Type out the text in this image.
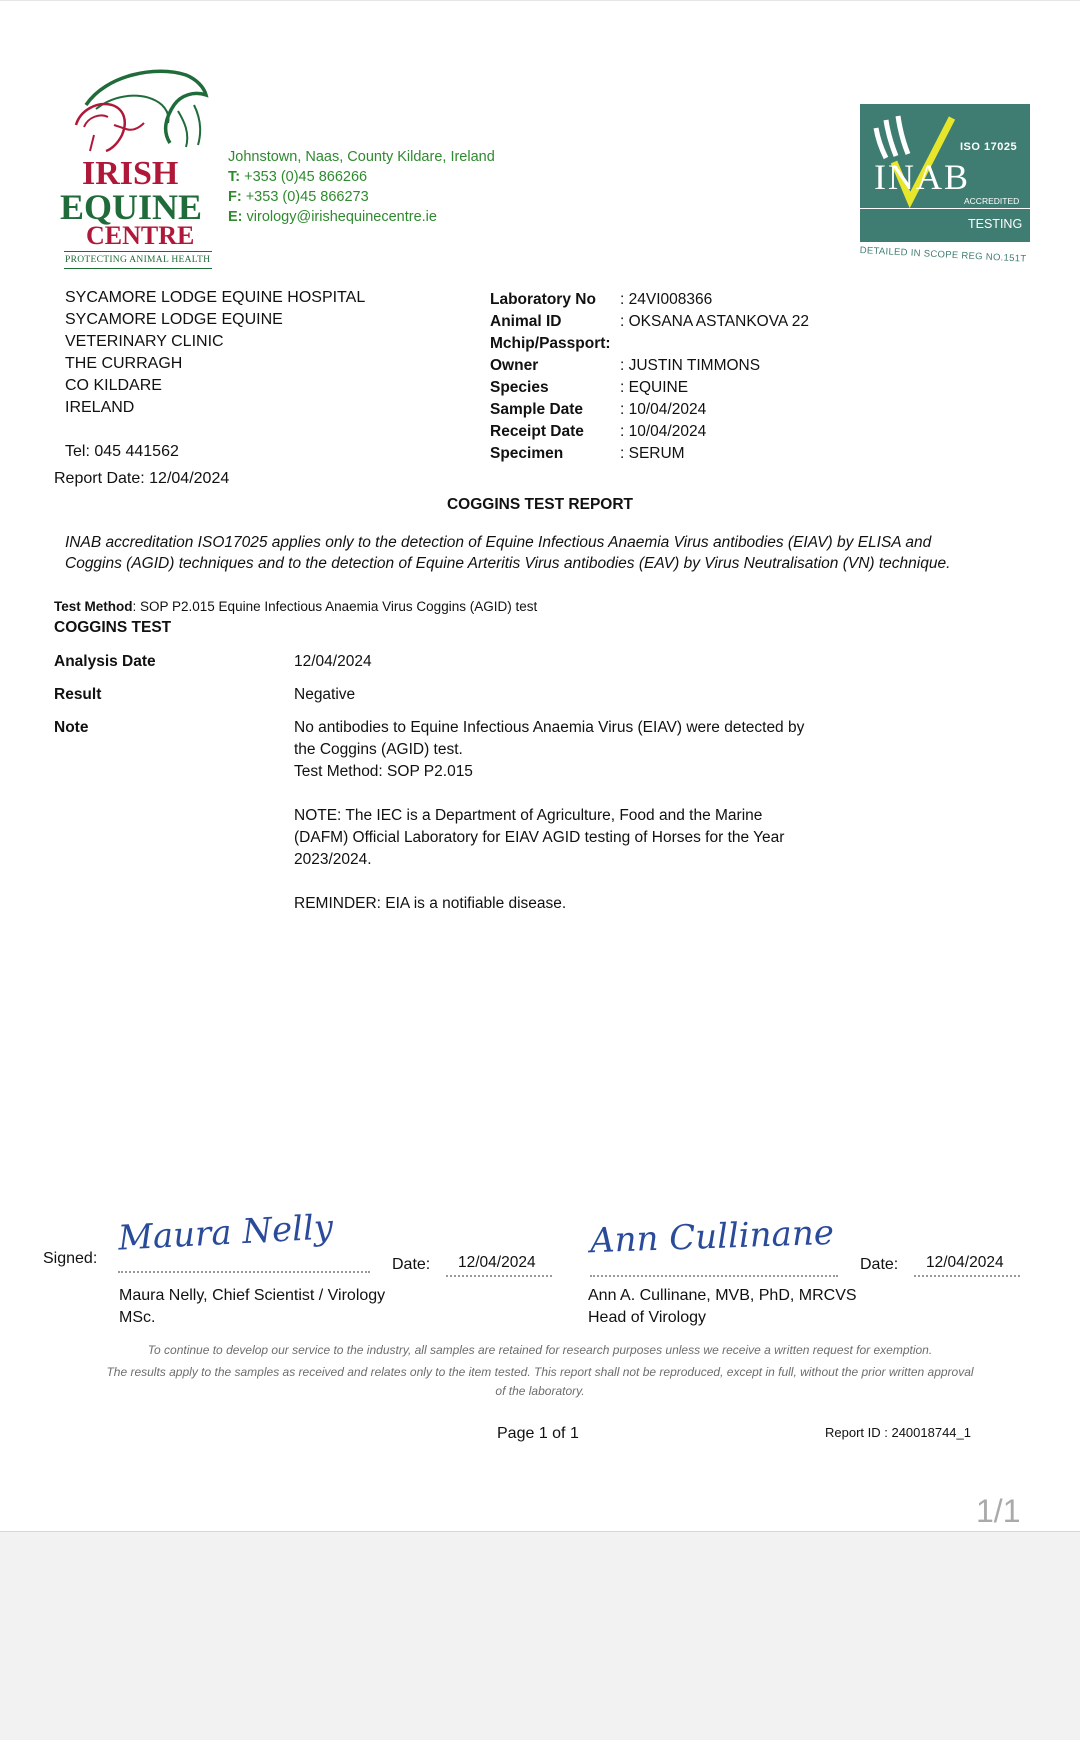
IRISH
EQUINE
CENTRE
PROTECTING ANIMAL HEALTH
Johnstown, Naas, County Kildare, Ireland
T: +353 (0)45 866266
F: +353 (0)45 866273
E: virology@irishequinecentre.ie
ISO 17025
INAB
ACCREDITED
TESTING
DETAILED IN SCOPE REG NO.151T
SYCAMORE LODGE EQUINE HOSPITAL
SYCAMORE LODGE EQUINE
VETERINARY CLINIC
THE CURRAGH
CO KILDARE
IRELAND
Tel: 045 441562
Laboratory No	: 24VI008366
Animal ID	: OKSANA ASTANKOVA 22
Mchip/Passport:
Owner	: JUSTIN TIMMONS
Species	: EQUINE
Sample Date	: 10/04/2024
Receipt Date	: 10/04/2024
Specimen	: SERUM
Report Date: 12/04/2024
COGGINS TEST REPORT
INAB accreditation ISO17025 applies only to the detection of Equine Infectious Anaemia Virus antibodies (EIAV) by ELISA and Coggins (AGID) techniques and to the detection of Equine Arteritis Virus antibodies (EAV) by Virus Neutralisation (VN) technique.
Test Method: SOP P2.015 Equine Infectious Anaemia Virus Coggins (AGID) test
COGGINS TEST
Analysis Date	12/04/2024
Result	Negative
Note	No antibodies to Equine Infectious Anaemia Virus (EIAV) were detected by
the Coggins (AGID) test.
Test Method: SOP P2.015
NOTE: The IEC is a Department of Agriculture, Food and the Marine
(DAFM) Official Laboratory for EIAV AGID testing of Horses for the Year
2023/2024.
REMINDER: EIA is a notifiable disease.
Signed: Maura Nelly
Date: 12/04/2024
Ann Cullinane
Date: 12/04/2024
Maura Nelly, Chief Scientist / Virology
MSc.
Ann A. Cullinane, MVB, PhD, MRCVS
Head of Virology
To continue to develop our service to the industry, all samples are retained for research purposes unless we receive a written request for exemption.
The results apply to the samples as received and relates only to the item tested. This report shall not be reproduced, except in full, without the prior written approval of the laboratory.
Page 1 of 1	Report ID : 240018744_1
1/1
